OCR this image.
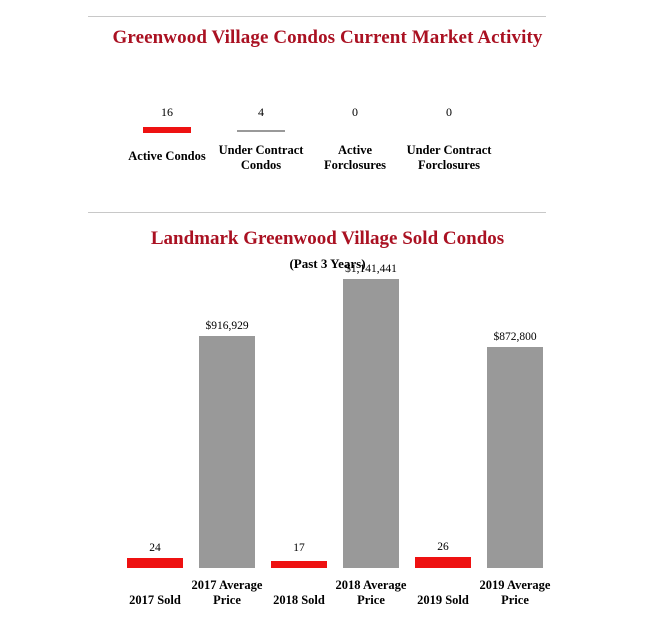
Greenwood Village Condos Current Market Activity
16
Active Condos
4
Under Contract Condos
0
Active Forclosures
0
Under Contract Forclosures
Landmark Greenwood Village Sold Condos
(Past 3 Years)
24
2017 Sold
$916,929
2017 Average Price
17
2018 Sold
$1,141,441
2018 Average Price
26
2019 Sold
$872,800
2019 Average Price
